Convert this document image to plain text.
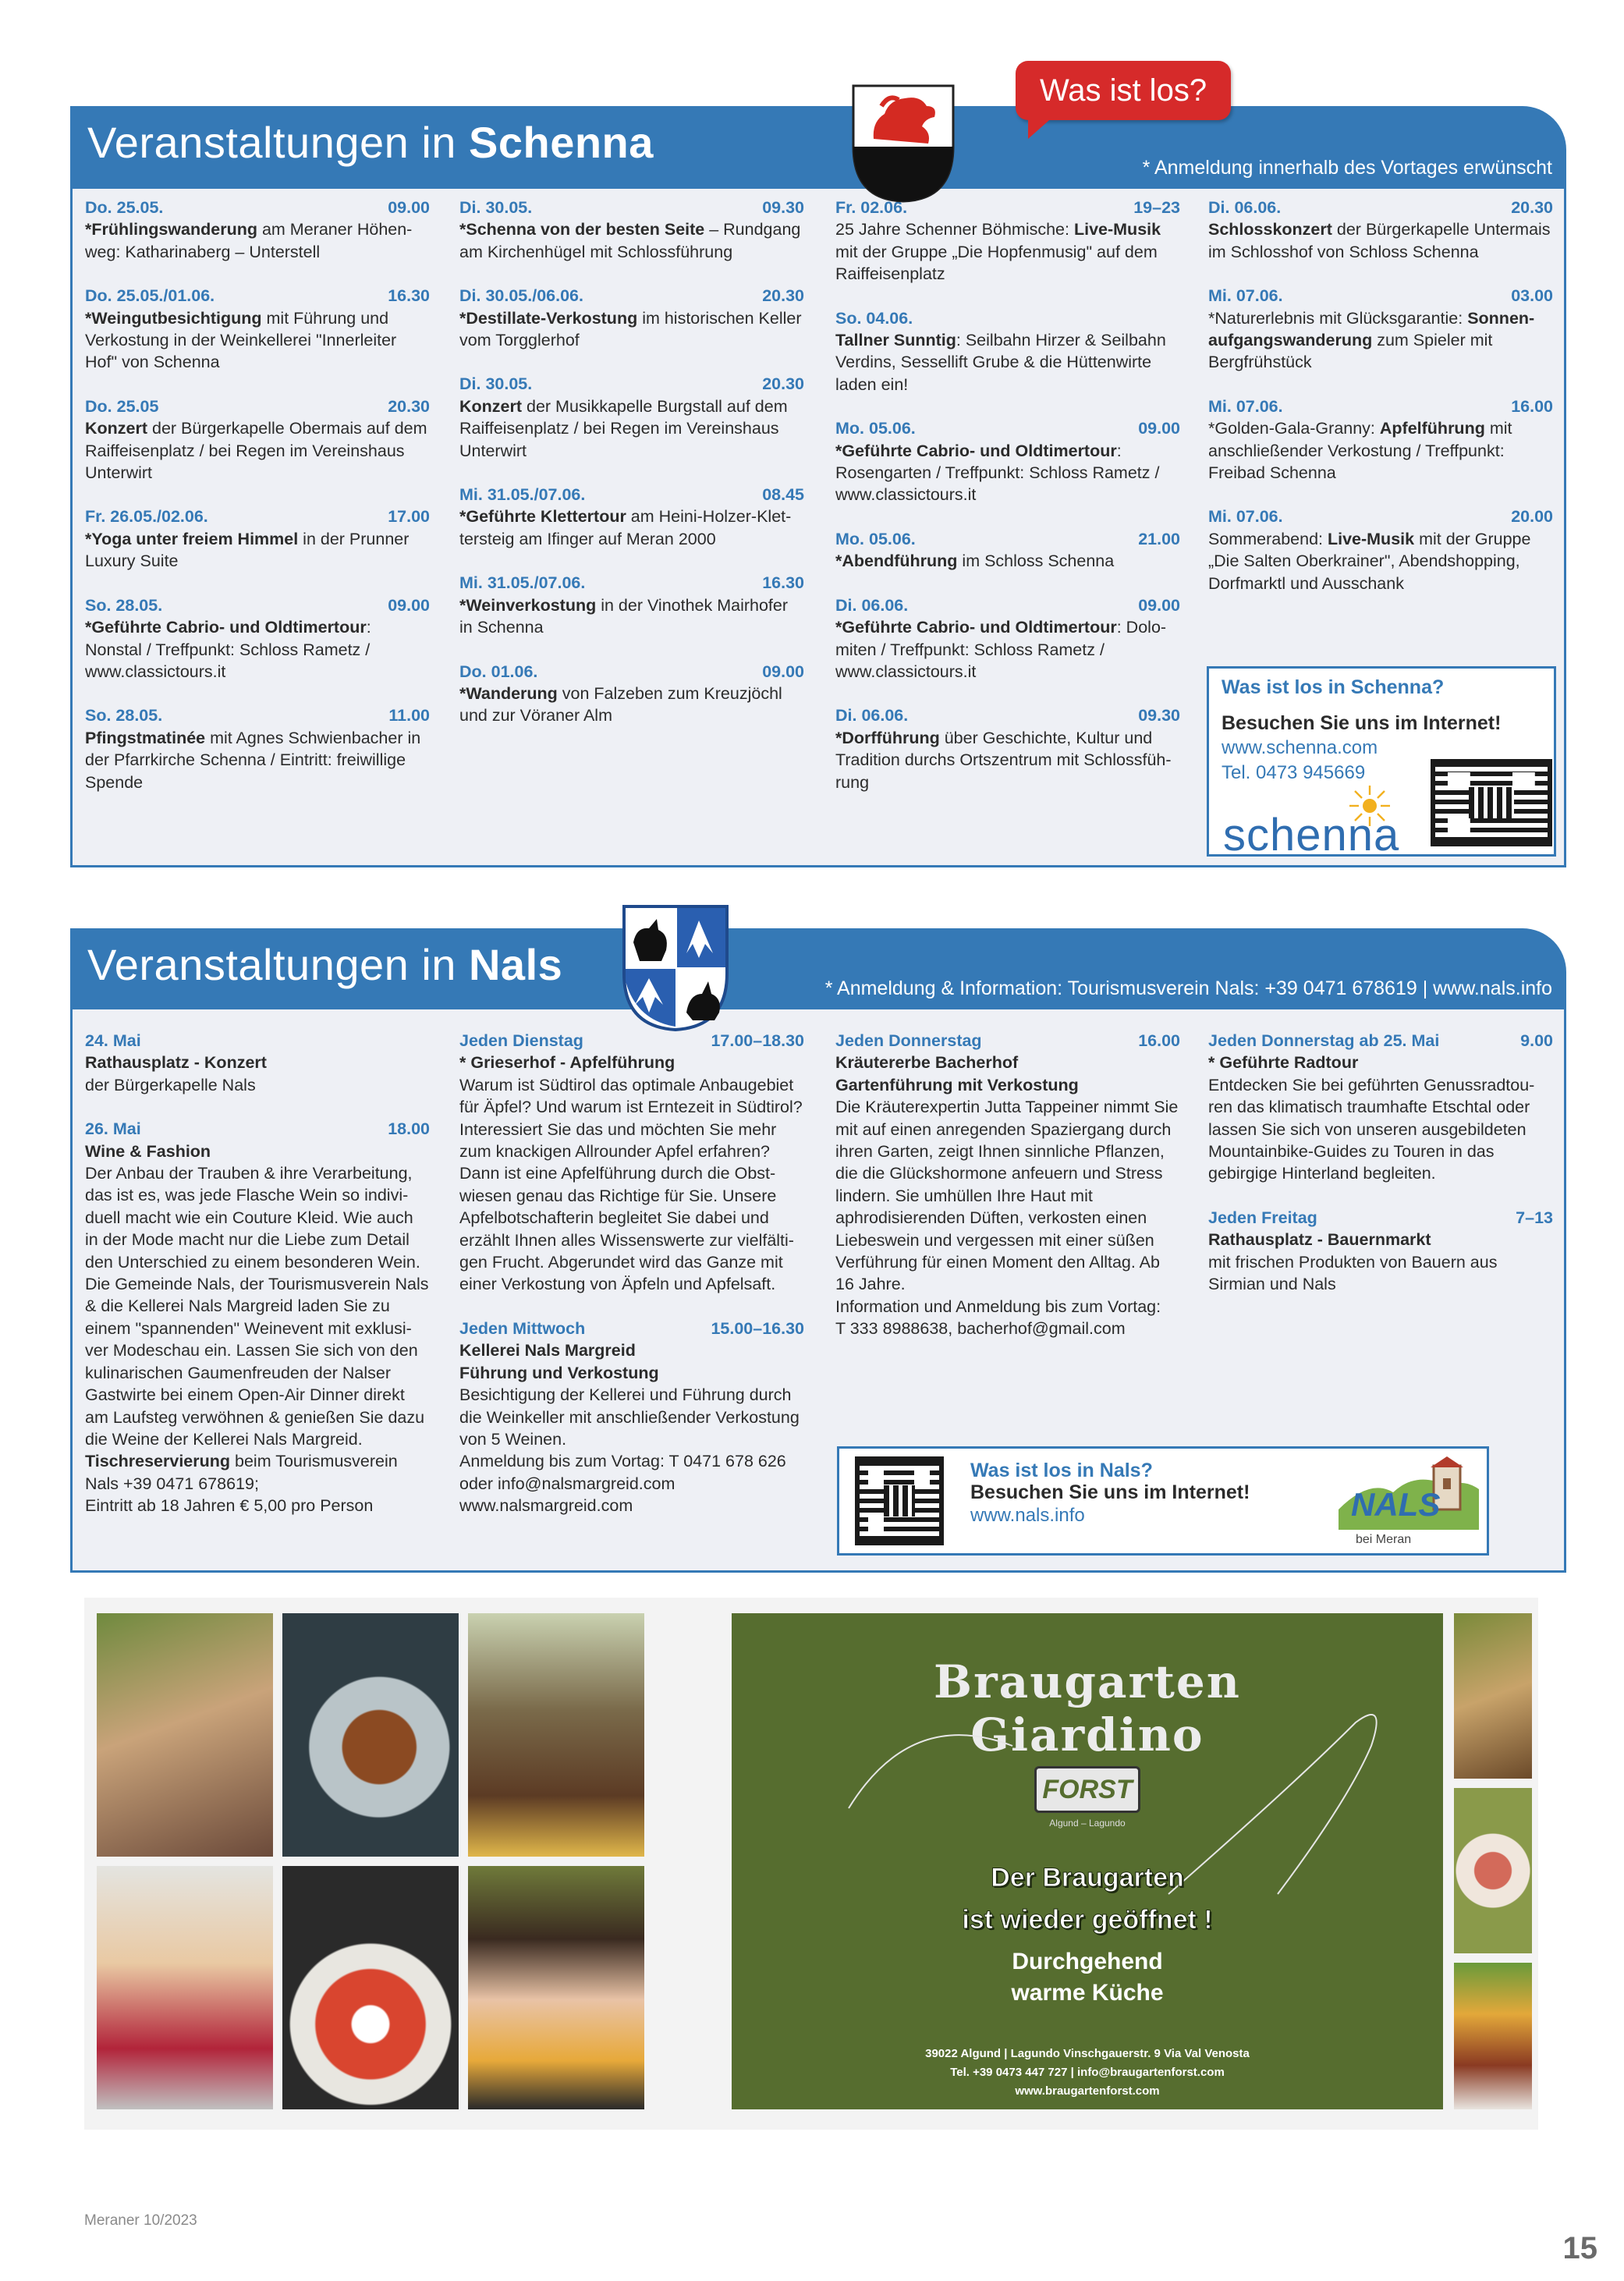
Veranstaltungen in Schenna
* Anmeldung innerhalb des Vortages erwünscht
Do. 25.05.	09.00
*Frühlingswanderung am Meraner Höhen-weg: Katharinaberg – Unterstell
Do. 25.05./01.06.	16.30
*Weingutbesichtigung mit Führung und Verkostung in der Weinkellerei "Innerleiter Hof" von Schenna
Do. 25.05	20.30
Konzert der Bürgerkapelle Obermais auf dem Raiffeisenplatz / bei Regen im Vereinshaus Unterwirt
Fr. 26.05./02.06.	17.00
*Yoga unter freiem Himmel in der Prunner Luxury Suite
So. 28.05.	09.00
*Geführte Cabrio- und Oldtimertour: Nonstal / Treffpunkt: Schloss Rametz / www.classictours.it
So. 28.05.	11.00
Pfingstmatinée mit Agnes Schwienbacher in der Pfarrkirche Schenna / Eintritt: freiwillige Spende
Di. 30.05.	09.30
*Schenna von der besten Seite – Rundgang am Kirchenhügel mit Schlossführung
Di. 30.05./06.06.	20.30
*Destillate-Verkostung im historischen Keller vom Torgglerhof
Di. 30.05.	20.30
Konzert der Musikkapelle Burgstall auf dem Raiffeisenplatz / bei Regen im Vereinshaus Unterwirt
Mi. 31.05./07.06.	08.45
*Geführte Klettertour am Heini-Holzer-Klet-tersteig am Ifinger auf Meran 2000
Mi. 31.05./07.06.	16.30
*Weinverkostung in der Vinothek Mairhofer in Schenna
Do. 01.06.	09.00
*Wanderung von Falzeben zum Kreuzjöchl und zur Vöraner Alm
Fr. 02.06.	19–23
25 Jahre Schenner Böhmische: Live-Musik mit der Gruppe „Die Hopfenmusig" auf dem Raiffeisenplatz
So. 04.06.
Tallner Sunntig: Seilbahn Hirzer & Seilbahn Verdins, Sessellift Grube & die Hüttenwirte laden ein!
Mo. 05.06.	09.00
*Geführte Cabrio- und Oldtimertour: Rosengarten / Treffpunkt: Schloss Rametz / www.classictours.it
Mo. 05.06.	21.00
*Abendführung im Schloss Schenna
Di. 06.06.	09.00
*Geführte Cabrio- und Oldtimertour: Dolo-miten / Treffpunkt: Schloss Rametz / www.classictours.it
Di. 06.06.	09.30
*Dorfführung über Geschichte, Kultur und Tradition durchs Ortszentrum mit Schlossfüh-rung
Di. 06.06.	20.30
Schlosskonzert der Bürgerkapelle Untermais im Schlosshof von Schloss Schenna
Mi. 07.06.	03.00
*Naturerlebnis mit Glücksgarantie: Sonnen-aufgangswanderung zum Spieler mit Bergfrühstück
Mi. 07.06.	16.00
*Golden-Gala-Granny: Apfelführung mit anschließender Verkostung / Treffpunkt: Freibad Schenna
Mi. 07.06.	20.00
Sommerabend: Live-Musik mit der Gruppe „Die Salten Oberkrainer", Abendshopping, Dorfmarktl und Ausschank
Was ist los in Schenna?
Besuchen Sie uns im Internet!
www.schenna.com
Tel. 0473 945669
schenna
Was ist los?
Veranstaltungen in Nals	* Anmeldung & Information: Tourismusverein Nals: +39 0471 678619 | www.nals.info
24. Mai
Rathausplatz - Konzert
der Bürgerkapelle Nals
26. Mai	18.00
Wine & Fashion
Der Anbau der Trauben & ihre Verarbeitung, das ist es, was jede Flasche Wein so indivi-duell macht wie ein Couture Kleid. Wie auch in der Mode macht nur die Liebe zum Detail den Unterschied zu einem besonderen Wein. Die Gemeinde Nals, der Tourismusverein Nals & die Kellerei Nals Margreid laden Sie zu einem "spannenden" Weinevent mit exklusi-ver Modeschau ein. Lassen Sie sich von den kulinarischen Gaumenfreuden der Nalser Gastwirte bei einem Open-Air Dinner direkt am Laufsteg verwöhnen & genießen Sie dazu die Weine der Kellerei Nals Margreid.
Tischreservierung beim Tourismusverein Nals +39 0471 678619;
Eintritt ab 18 Jahren € 5,00 pro Person
Jeden Dienstag	17.00–18.30
* Grieserhof - Apfelführung
Warum ist Südtirol das optimale Anbaugebiet für Äpfel? Und warum ist Erntezeit in Südtirol? Interessiert Sie das und möchten Sie mehr zum knackigen Allrounder Apfel erfahren? Dann ist eine Apfelführung durch die Obst-wiesen genau das Richtige für Sie. Unsere Apfelbotschafterin begleitet Sie dabei und erzählt Ihnen alles Wissenswerte zur vielfälti-gen Frucht. Abgerundet wird das Ganze mit einer Verkostung von Äpfeln und Apfelsaft.
Jeden Mittwoch	15.00–16.30
Kellerei Nals Margreid
Führung und Verkostung
Besichtigung der Kellerei und Führung durch die Weinkeller mit anschließender Verkostung von 5 Weinen.
Anmeldung bis zum Vortag: T 0471 678 626 oder info@nalsmargreid.com
www.nalsmargreid.com
Jeden Donnerstag	16.00
Kräutererbe Bacherhof
Gartenführung mit Verkostung
Die Kräuterexpertin Jutta Tappeiner nimmt Sie mit auf einen anregenden Spaziergang durch ihren Garten, zeigt Ihnen sinnliche Pflanzen, die die Glückshormone anfeuern und Stress lindern. Sie umhüllen Ihre Haut mit aphrodisierenden Düften, verkosten einen Liebeswein und vergessen mit einer süßen Verführung für einen Moment den Alltag. Ab 16 Jahre.
Information und Anmeldung bis zum Vortag:
T 333 8988638, bacherhof@gmail.com
Jeden Donnerstag ab 25. Mai	9.00
* Geführte Radtour
Entdecken Sie bei geführten Genussradtou-ren das klimatisch traumhafte Etschtal oder lassen Sie sich von unseren ausgebildeten Mountainbike-Guides zu Touren in das gebirgige Hinterland begleiten.
Jeden Freitag	7–13
Rathausplatz - Bauernmarkt
mit frischen Produkten von Bauern aus Sirmian und Nals
Was ist los in Nals?
Besuchen Sie uns im Internet!
www.nals.info	NALS
bei Meran
Braugarten
Giardino
FORST
Algund – Lagundo
Der Braugarten
ist wieder geöffnet !
Durchgehend
warme Küche
39022 Algund | Lagundo Vinschgauerstr. 9 Via Val Venosta
Tel. +39 0473 447 727 | info@braugartenforst.com
www.braugartenforst.com
Meraner 10/2023
15
